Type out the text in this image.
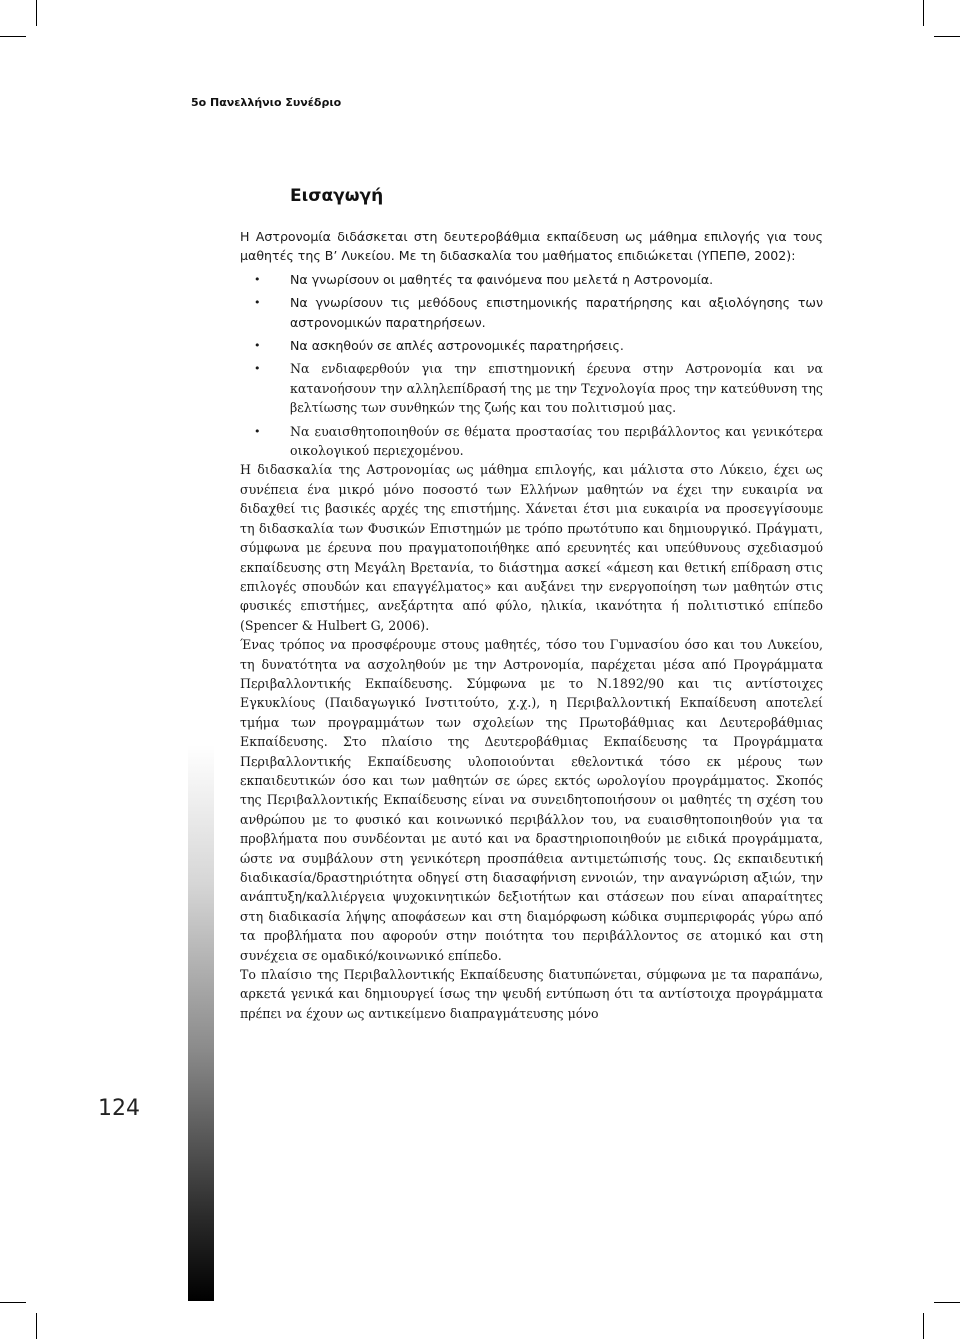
5ο Πανελλήνιο Συνέδριο
124
Εισαγωγή

Η Αστρονομία διδάσκεται στη δευτεροβάθμια εκπαίδευση ως μάθημα επιλογής για τους μαθητές της Β’ Λυκείου. Με τη διδασκαλία του μαθήματος επιδιώκεται (ΥΠΕΠΘ, 2002):

• Να γνωρίσουν οι μαθητές τα φαινόμενα που μελετά η Αστρονομία.
• Να γνωρίσουν τις μεθόδους επιστημονικής παρατήρησης και αξιολόγησης των αστρονομικών παρατηρήσεων.
• Να ασκηθούν σε απλές αστρονομικές παρατηρήσεις.
• Να ενδιαφερθούν για την επιστημονική έρευνα στην Αστρονομία και να κατανοήσουν την αλληλεπίδρασή της με την Τεχνολογία προς την κατεύθυνση της βελτίωσης των συνθηκών της ζωής και του πολιτισμού μας.
• Να ευαισθητοποιηθούν σε θέματα προστασίας του περιβάλλοντος και γενικότερα οικολογικού περιεχομένου.

Η διδασκαλία της Αστρονομίας ως μάθημα επιλογής, και μάλιστα στο Λύκειο, έχει ως συνέπεια ένα μικρό μόνο ποσοστό των Ελλήνων μαθητών να έχει την ευκαιρία να διδαχθεί τις βασικές αρχές της επιστήμης. Χάνεται έτσι μια ευκαιρία να προσεγγίσουμε τη διδασκαλία των Φυσικών Επιστημών με τρόπο πρωτότυπο και δημιουργικό. Πράγματι, σύμφωνα με έρευνα που πραγματοποιήθηκε από ερευνητές και υπεύθυνους σχεδιασμού εκπαίδευσης στη Μεγάλη Βρετανία, το διάστημα ασκεί «άμεση και θετική επίδραση στις επιλογές σπουδών και επαγγέλματος» και αυξάνει την ενεργοποίηση των μαθητών στις φυσικές επιστήμες, ανεξάρτητα από φύλο, ηλικία, ικανότητα ή πολιτιστικό επίπεδο (Spencer & Hulbert G, 2006).

Ένας τρόπος να προσφέρουμε στους μαθητές, τόσο του Γυμνασίου όσο και του Λυκείου, τη δυνατότητα να ασχοληθούν με την Αστρονομία, παρέχεται μέσα από Προγράμματα Περιβαλλοντικής Εκπαίδευσης. Σύμφωνα με το Ν.1892/90 και τις αντίστοιχες Εγκυκλίους (Παιδαγωγικό Ινστιτούτο, χ.χ.), η Περιβαλλοντική Εκπαίδευση αποτελεί τμήμα των προγραμμάτων των σχολείων της Πρωτοβάθμιας και Δευτεροβάθμιας Εκπαίδευσης. Στο πλαίσιο της Δευτεροβάθμιας Εκπαίδευσης τα Προγράμματα Περιβαλλοντικής Εκπαίδευσης υλοποιούνται εθελοντικά τόσο εκ μέρους των εκπαιδευτικών όσο και των μαθητών σε ώρες εκτός ωρολογίου προγράμματος. Σκοπός της Περιβαλλοντικής Εκπαίδευσης είναι να συνειδητοποιήσουν οι μαθητές τη σχέση του ανθρώπου με το φυσικό και κοινωνικό περιβάλλον του, να ευαισθητοποιηθούν για τα προβλήματα που συνδέονται με αυτό και να δραστηριοποιηθούν με ειδικά προγράμματα, ώστε να συμβάλουν στη γενικότερη προσπάθεια αντιμετώπισής τους. Ως εκπαιδευτική διαδικασία/δραστηριότητα οδηγεί στη διασαφήνιση εννοιών, την αναγνώριση αξιών, την ανάπτυξη/καλλιέργεια ψυχοκινητικών δεξιοτήτων και στάσεων που είναι απαραίτητες στη διαδικασία λήψης αποφάσεων και στη διαμόρφωση κώδικα συμπεριφοράς γύρω από τα προβλήματα που αφορούν στην ποιότητα του περιβάλλοντος σε ατομικό και στη συνέχεια σε ομαδικό/κοινωνικό επίπεδο.

Το πλαίσιο της Περιβαλλοντικής Εκπαίδευσης διατυπώνεται, σύμφωνα με τα παραπάνω, αρκετά γενικά και δημιουργεί ίσως την ψευδή εντύπωση ότι τα αντίστοιχα προγράμματα πρέπει να έχουν ως αντικείμενο διαπραγμάτευσης μόνο
